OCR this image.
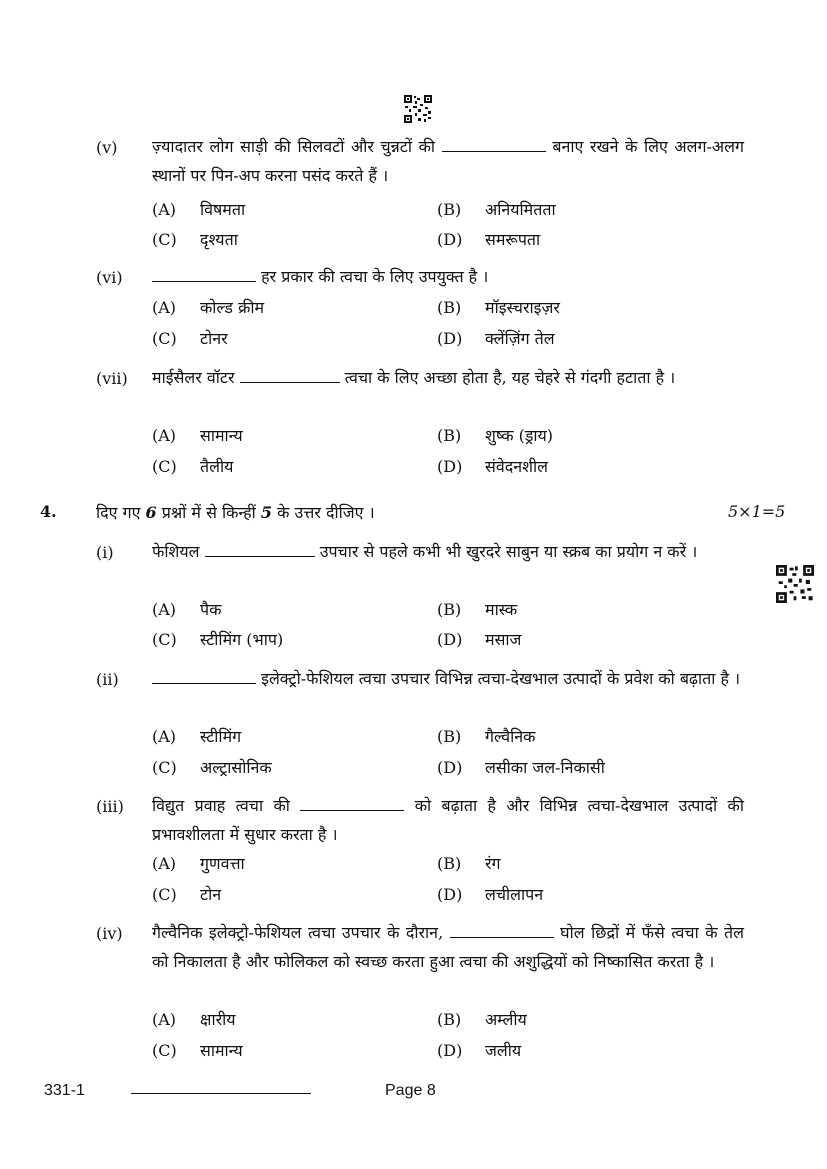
(v) ज़्यादातर लोग साड़ी की सिलवटों और चुन्नटों की	बनाए रखने के लिए अलग-अलग स्थानों पर पिन-अप करना पसंद करते हैं ।
(A) विषमता	(B) अनियमितता
(C) दृश्यता	(D) समरूपता
(vi)	हर प्रकार की त्वचा के लिए उपयुक्त है ।
(A) कोल्ड क्रीम	(B) मॉइस्चराइज़र
(C) टोनर	(D) क्लेंज़िंग तेल
(vii) माईसैलर वॉटर	त्वचा के लिए अच्छा होता है, यह चेहरे से गंदगी हटाता है ।
(A) सामान्य	(B) शुष्क (ड्राय)
(C) तैलीय	(D) संवेदनशील
4. दिए गए 6 प्रश्नों में से किन्हीं 5 के उत्तर दीजिए ।	5×1=5
(i) फेशियल	उपचार से पहले कभी भी खुरदरे साबुन या स्क्रब का प्रयोग न करें ।
(A) पैक	(B) मास्क
(C) स्टीमिंग (भाप)	(D) मसाज
(ii)	इलेक्ट्रो-फेशियल त्वचा उपचार विभिन्न त्वचा-देखभाल उत्पादों के प्रवेश को बढ़ाता है ।
(A) स्टीमिंग	(B) गैल्वैनिक
(C) अल्ट्रासोनिक	(D) लसीका जल-निकासी
(iii) विद्युत प्रवाह त्वचा की	को बढ़ाता है और विभिन्न त्वचा-देखभाल उत्पादों की प्रभावशीलता में सुधार करता है ।
(A) गुणवत्ता	(B) रंग
(C) टोन	(D) लचीलापन
(iv) गैल्वैनिक इलेक्ट्रो-फेशियल त्वचा उपचार के दौरान,	घोल छिद्रों में फँसे त्वचा के तेल को निकालता है और फोलिकल को स्वच्छ करता हुआ त्वचा की अशुद्धियों को निष्कासित करता है ।
(A) क्षारीय	(B) अम्लीय
(C) सामान्य	(D) जलीय
331-1	Page 8
